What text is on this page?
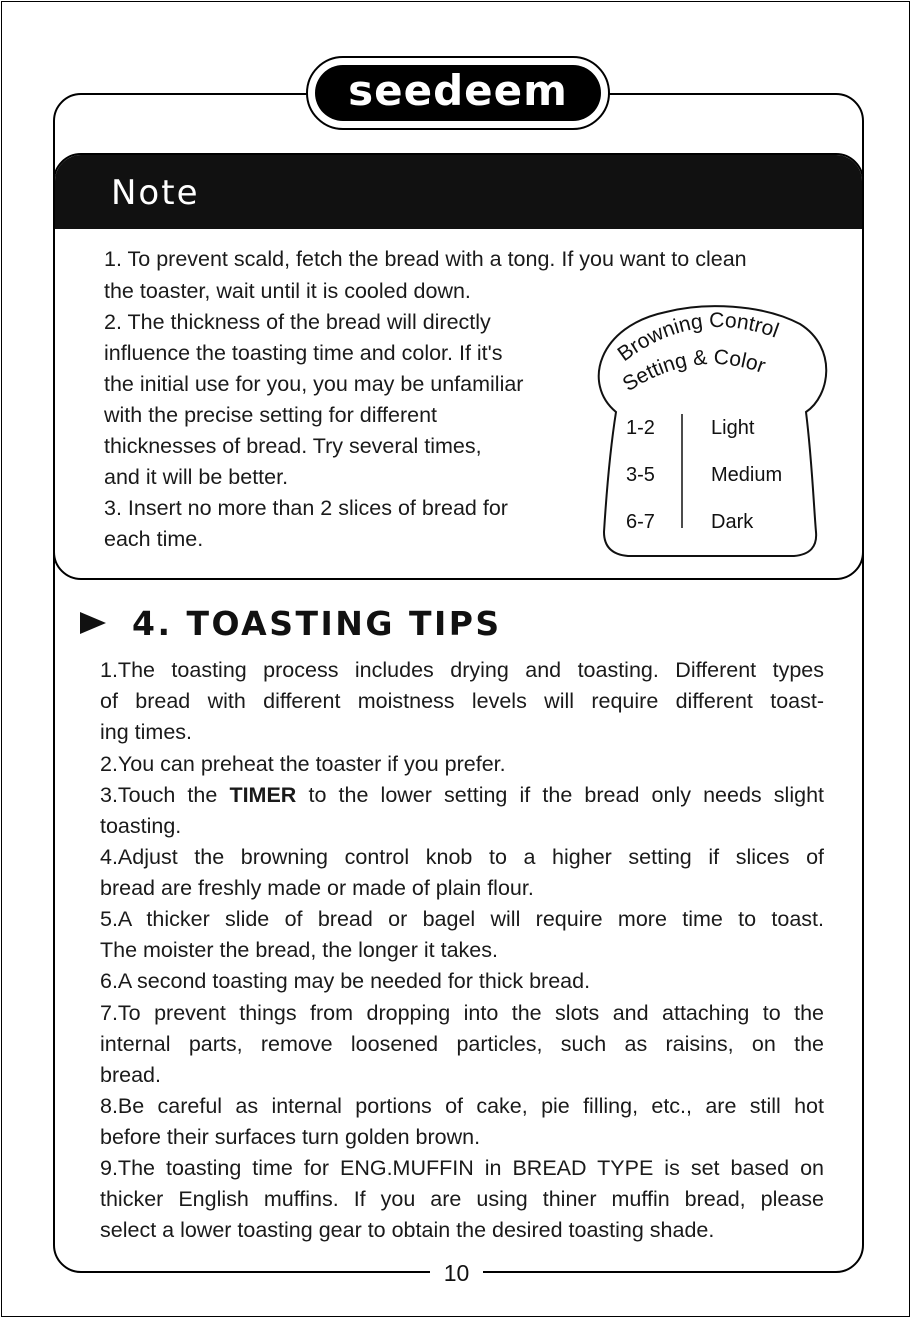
seedeem
Note
1. To prevent scald, fetch the bread with a tong. If you want to clean
the toaster, wait until it is cooled down.
2. The thickness of the bread will directly
influence the toasting time and color. If it's
the initial use for you, you may be unfamiliar
with the precise setting for different
thicknesses of bread. Try several times,
and it will be better.
3. Insert no more than 2 slices of bread for
each time.
Browning Control
Setting & Color
1-2	Light
3-5	Medium
6-7	Dark
4. TOASTING TIPS
1.The toasting process includes drying and toasting. Different types
of bread with different moistness levels will require different toast-
ing times.
2.You can preheat the toaster if you prefer.
3.Touch the TIMER to the lower setting if the bread only needs slight
toasting.
4.Adjust the browning control knob to a higher setting if slices of
bread are freshly made or made of plain flour.
5.A thicker slide of bread or bagel will require more time to toast.
The moister the bread, the longer it takes.
6.A second toasting may be needed for thick bread.
7.To prevent things from dropping into the slots and attaching to the
internal parts, remove loosened particles, such as raisins, on the
bread.
8.Be careful as internal portions of cake, pie filling, etc., are still hot
before their surfaces turn golden brown.
9.The toasting time for ENG.MUFFIN in BREAD TYPE is set based on
thicker English muffins. If you are using thiner muffin bread, please
select a lower toasting gear to obtain the desired toasting shade.
10
